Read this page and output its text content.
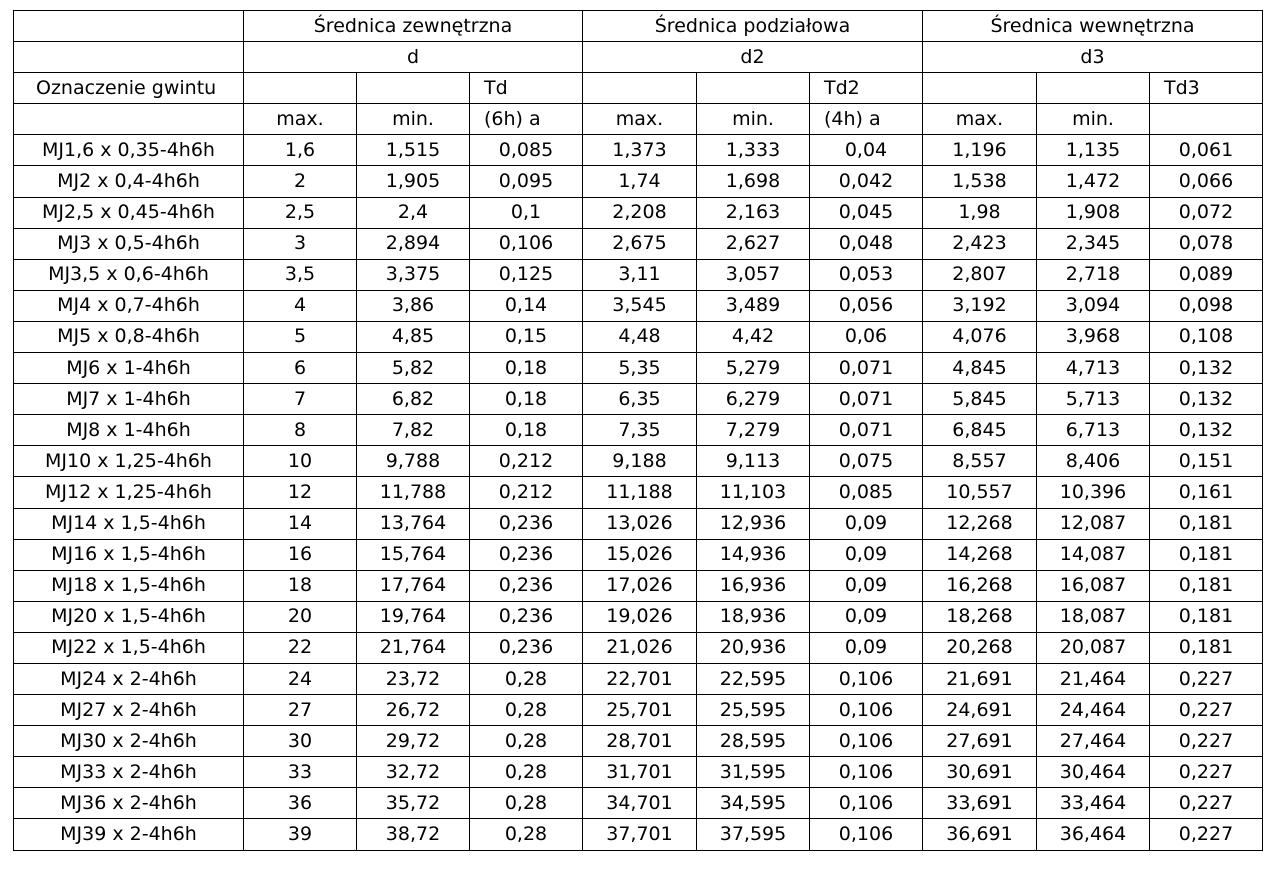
	Średnica zewnętrzna			Średnica podziałowa			Średnica wewnętrzna		
	d			d2			d3		
Oznaczenie gwintu			Td			Td2			Td3
	max.	min.	(6h) a	max.	min.	(4h) a	max.	min.	
MJ1,6 x 0,35-4h6h	1,6	1,515	0,085	1,373	1,333	0,04	1,196	1,135	0,061
MJ2 x 0,4-4h6h	2	1,905	0,095	1,74	1,698	0,042	1,538	1,472	0,066
MJ2,5 x 0,45-4h6h	2,5	2,4	0,1	2,208	2,163	0,045	1,98	1,908	0,072
MJ3 x 0,5-4h6h	3	2,894	0,106	2,675	2,627	0,048	2,423	2,345	0,078
MJ3,5 x 0,6-4h6h	3,5	3,375	0,125	3,11	3,057	0,053	2,807	2,718	0,089
MJ4 x 0,7-4h6h	4	3,86	0,14	3,545	3,489	0,056	3,192	3,094	0,098
MJ5 x 0,8-4h6h	5	4,85	0,15	4,48	4,42	0,06	4,076	3,968	0,108
MJ6 x 1-4h6h	6	5,82	0,18	5,35	5,279	0,071	4,845	4,713	0,132
MJ7 x 1-4h6h	7	6,82	0,18	6,35	6,279	0,071	5,845	5,713	0,132
MJ8 x 1-4h6h	8	7,82	0,18	7,35	7,279	0,071	6,845	6,713	0,132
MJ10 x 1,25-4h6h	10	9,788	0,212	9,188	9,113	0,075	8,557	8,406	0,151
MJ12 x 1,25-4h6h	12	11,788	0,212	11,188	11,103	0,085	10,557	10,396	0,161
MJ14 x 1,5-4h6h	14	13,764	0,236	13,026	12,936	0,09	12,268	12,087	0,181
MJ16 x 1,5-4h6h	16	15,764	0,236	15,026	14,936	0,09	14,268	14,087	0,181
MJ18 x 1,5-4h6h	18	17,764	0,236	17,026	16,936	0,09	16,268	16,087	0,181
MJ20 x 1,5-4h6h	20	19,764	0,236	19,026	18,936	0,09	18,268	18,087	0,181
MJ22 x 1,5-4h6h	22	21,764	0,236	21,026	20,936	0,09	20,268	20,087	0,181
MJ24 x 2-4h6h	24	23,72	0,28	22,701	22,595	0,106	21,691	21,464	0,227
MJ27 x 2-4h6h	27	26,72	0,28	25,701	25,595	0,106	24,691	24,464	0,227
MJ30 x 2-4h6h	30	29,72	0,28	28,701	28,595	0,106	27,691	27,464	0,227
MJ33 x 2-4h6h	33	32,72	0,28	31,701	31,595	0,106	30,691	30,464	0,227
MJ36 x 2-4h6h	36	35,72	0,28	34,701	34,595	0,106	33,691	33,464	0,227
MJ39 x 2-4h6h	39	38,72	0,28	37,701	37,595	0,106	36,691	36,464	0,227
